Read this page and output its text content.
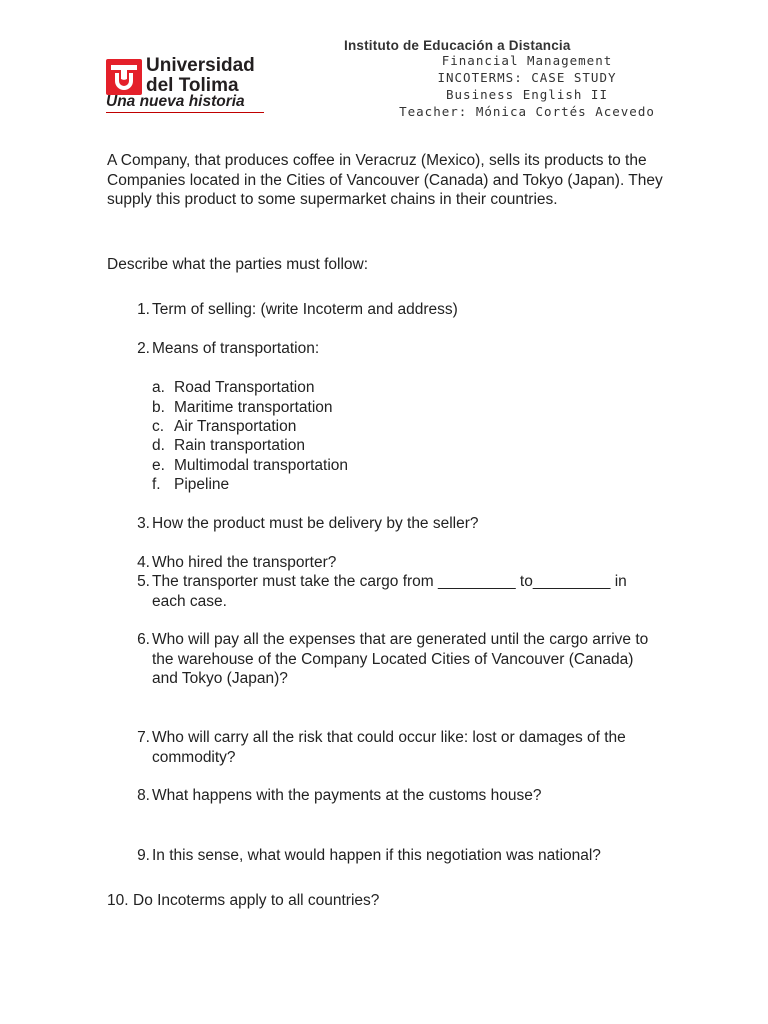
Universidad
del Tolima
Una nueva historia
Instituto de Educación a Distancia
Financial Management
INCOTERMS: CASE STUDY
Business English II
Teacher: Mónica Cortés Acevedo
A Company, that produces coffee in Veracruz (Mexico), sells its products to the Companies located in the Cities of Vancouver (Canada) and Tokyo (Japan). They supply this product to some supermarket chains in their countries.
Describe what the parties must follow:
1. Term of selling: (write Incoterm and address)
2. Means of transportation:
a. Road Transportation
b. Maritime transportation
c. Air Transportation
d. Rain transportation
e. Multimodal transportation
f. Pipeline
3. How the product must be delivery by the seller?
4. Who hired the transporter?
5. The transporter must take the cargo from _________ to_________ in each case.
6. Who will pay all the expenses that are generated until the cargo arrive to the warehouse of the Company Located Cities of Vancouver (Canada) and Tokyo (Japan)?
7. Who will carry all the risk that could occur like: lost or damages of the commodity?
8. What happens with the payments at the customs house?
9. In this sense, what would happen if this negotiation was national?
10. Do Incoterms apply to all countries?
